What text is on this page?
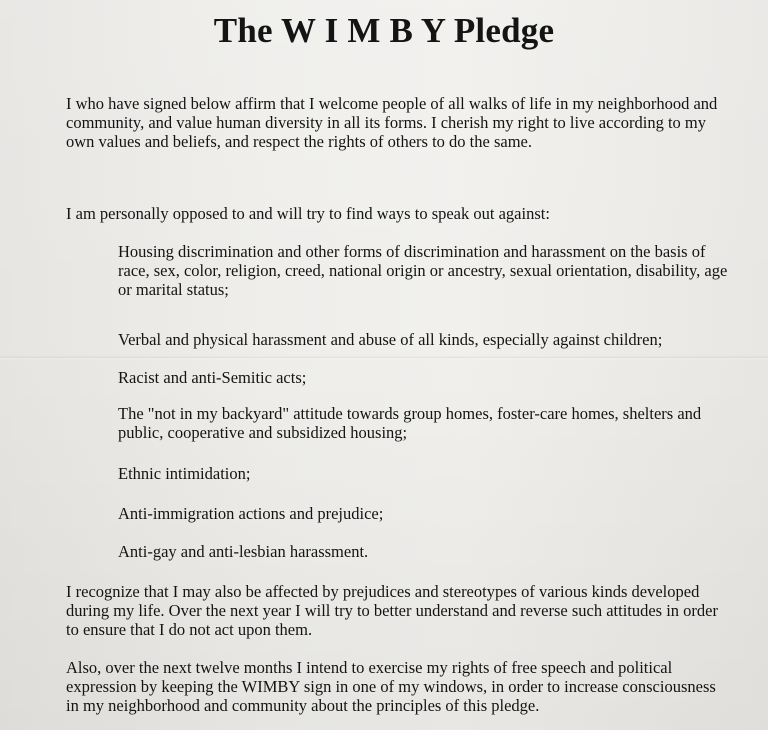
The W I M B Y Pledge

I who have signed below affirm that I welcome people of all walks of life in my neighborhood and community, and value human diversity in all its forms. I cherish my right to live according to my own values and beliefs, and respect the rights of others to do the same.

I am personally opposed to and will try to find ways to speak out against:

Housing discrimination and other forms of discrimination and harassment on the basis of race, sex, color, religion, creed, national origin or ancestry, sexual orientation, disability, age or marital status;

Verbal and physical harassment and abuse of all kinds, especially against children;

Racist and anti-Semitic acts;

The "not in my backyard" attitude towards group homes, foster-care homes, shelters and public, cooperative and subsidized housing;

Ethnic intimidation;

Anti-immigration actions and prejudice;

Anti-gay and anti-lesbian harassment.

I recognize that I may also be affected by prejudices and stereotypes of various kinds developed during my life. Over the next year I will try to better understand and reverse such attitudes in order to ensure that I do not act upon them.

Also, over the next twelve months I intend to exercise my rights of free speech and political expression by keeping the WIMBY sign in one of my windows, in order to increase consciousness in my neighborhood and community about the principles of this pledge.
